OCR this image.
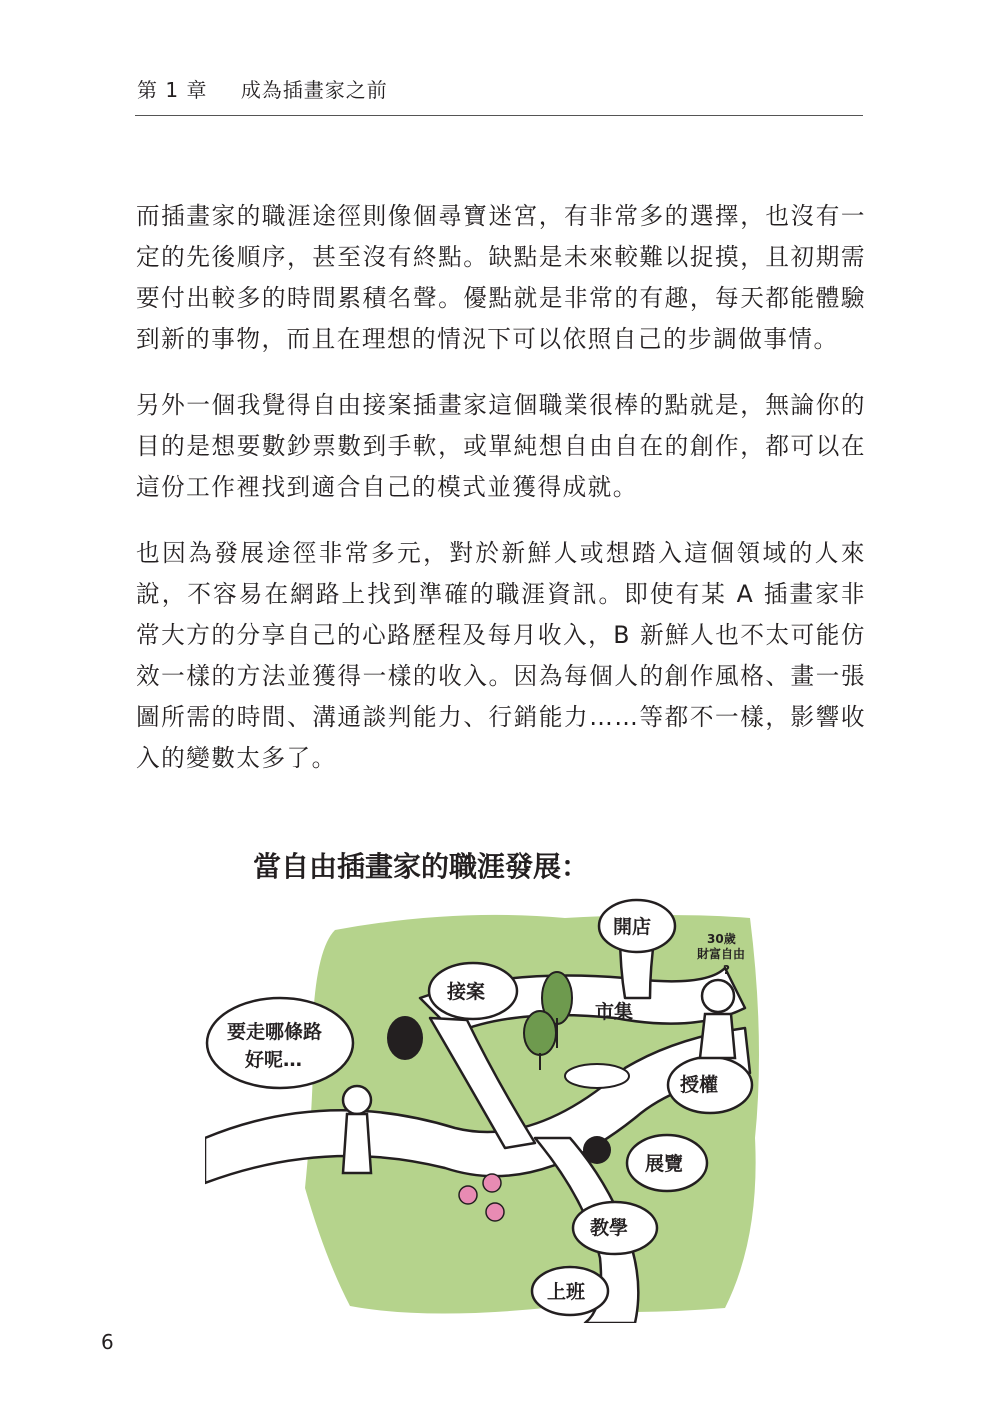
第 1 章 成為插畫家之前

而插畫家的職涯途徑則像個尋寶迷宮，有非常多的選擇，也沒有一定的先後順序，甚至沒有終點。缺點是未來較難以捉摸，且初期需要付出較多的時間累積名聲。優點就是非常的有趣，每天都能體驗到新的事物，而且在理想的情況下可以依照自己的步調做事情。

另外一個我覺得自由接案插畫家這個職業很棒的點就是，無論你的目的是想要數鈔票數到手軟，或單純想自由自在的創作，都可以在這份工作裡找到適合自己的模式並獲得成就。

也因為發展途徑非常多元，對於新鮮人或想踏入這個領域的人來說，不容易在網路上找到準確的職涯資訊。即使有某 A 插畫家非常大方的分享自己的心路歷程及每月收入，B 新鮮人也不太可能仿效一樣的方法並獲得一樣的收入。因為每個人的創作風格、畫一張圖所需的時間、溝通談判能力、行銷能力……等都不一樣，影響收入的變數太多了。

當自由插畫家的職涯發展：
開店
接案
市集
授權
展覽
教學
上班
要走哪條路
好呢…
30歲
財富自由
?
6
